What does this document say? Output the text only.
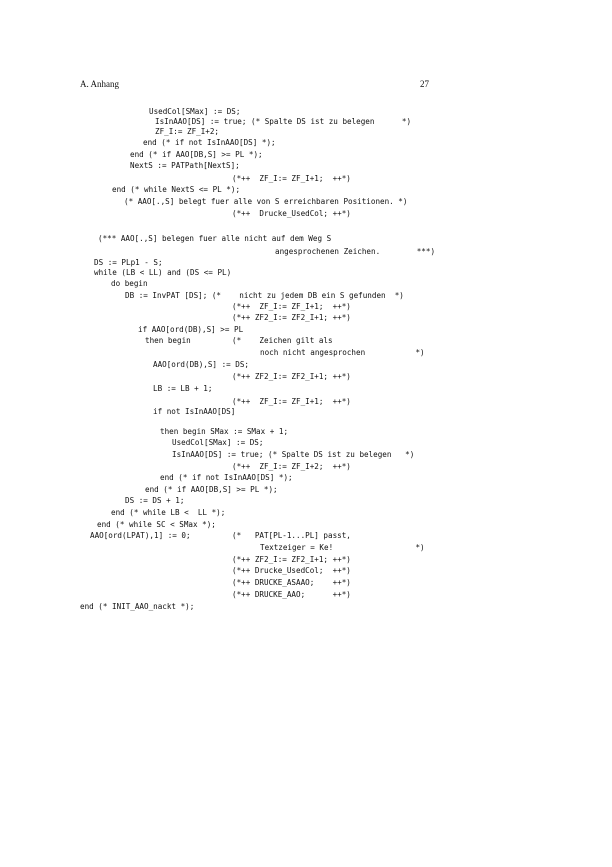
A. Anhang	27
UsedCol[SMax] := DS;
IsInAAO[DS] := true; (* Spalte DS ist zu belegen      *)
ZF_I:= ZF_I+2;
end (* if not IsInAAO[DS] *);
end (* if AAO[DB,S] >= PL *);
NextS := PATPath[NextS];
(*++  ZF_I:= ZF_I+1;  ++*)
end (* while NextS <= PL *);
(* AAO[.,S] belegt fuer alle von S erreichbaren Positionen. *)
(*++  Drucke_UsedCol; ++*)
(*** AAO[.,S] belegen fuer alle nicht auf dem Weg S
angesprochenen Zeichen.        ***)
DS := PLp1 - S;
while (LB < LL) and (DS <= PL)
do begin
DB := InvPAT [DS]; (*    nicht zu jedem DB ein S gefunden  *)
(*++  ZF_I:= ZF_I+1;  ++*)
(*++ ZF2_I:= ZF2_I+1; ++*)
if AAO[ord(DB),S] >= PL
then begin	(*    Zeichen gilt als
noch nicht angesprochen           *)
AAO[ord(DB),S] := DS;
(*++ ZF2_I:= ZF2_I+1; ++*)
LB := LB + 1;
(*++  ZF_I:= ZF_I+1;  ++*)
if not IsInAAO[DS]
then begin SMax := SMax + 1;
UsedCol[SMax] := DS;
IsInAAO[DS] := true; (* Spalte DS ist zu belegen   *)
(*++  ZF_I:= ZF_I+2;  ++*)
end (* if not IsInAAO[DS] *);
end (* if AAO[DB,S] >= PL *);
DS := DS + 1;
end (* while LB <  LL *);
end (* while SC < SMax *);
AAO[ord(LPAT),1] := 0;	(*   PAT[PL-1...PL] passt,
Textzeiger = Ke!                  *)
(*++ ZF2_I:= ZF2_I+1; ++*)
(*++ Drucke_UsedCol;  ++*)
(*++ DRUCKE_ASAAO;    ++*)
(*++ DRUCKE_AAO;      ++*)
end (* INIT_AAO_nackt *);
